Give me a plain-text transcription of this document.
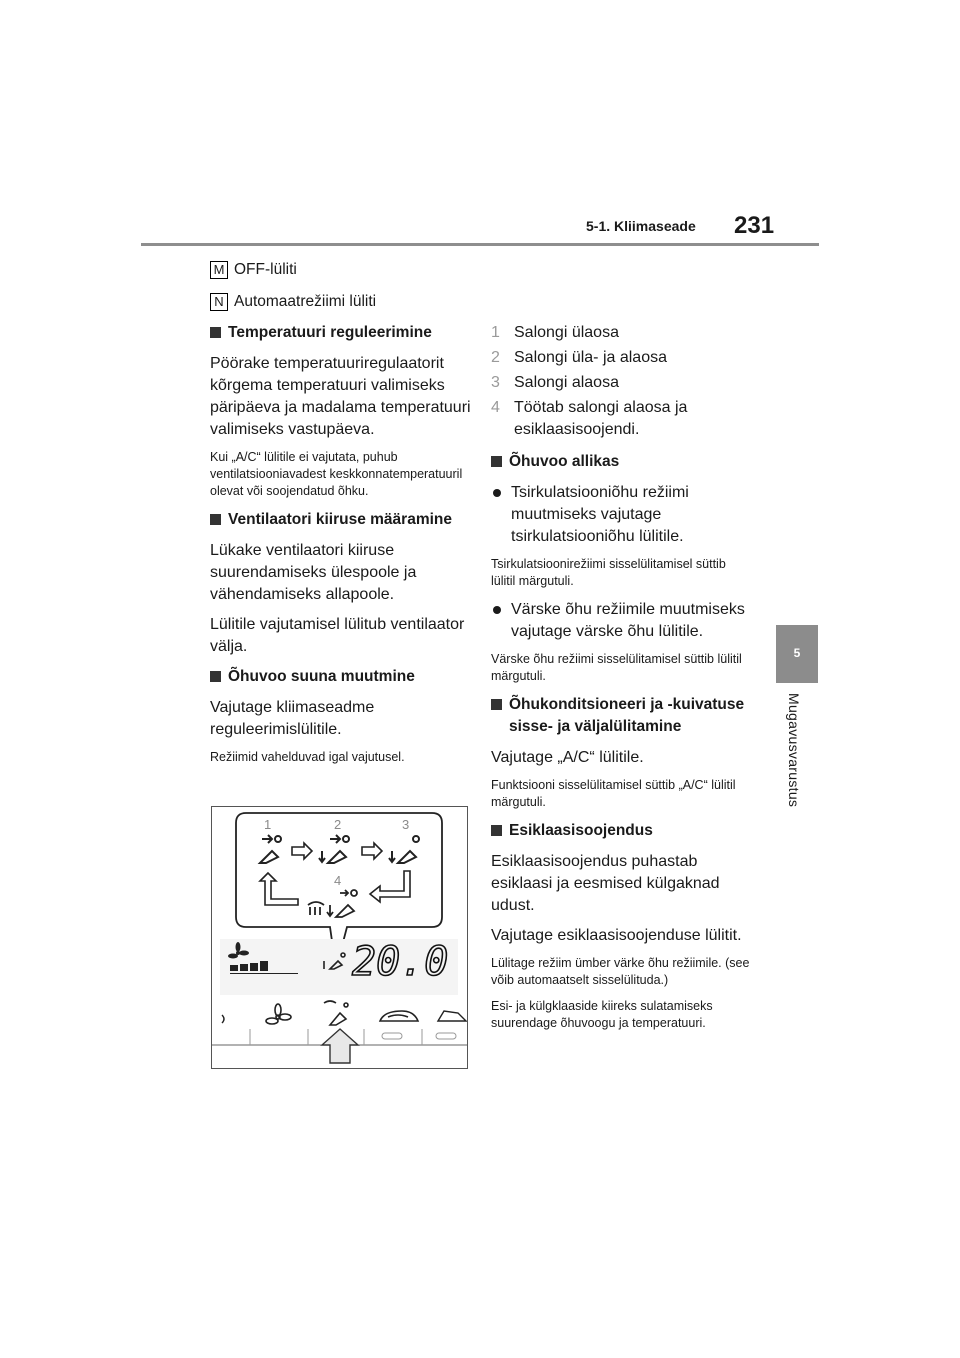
5-1. Kliimaseade 231
5
Mugavusvarustus
M OFF-lüliti
N Automaatrežiimi lüliti
Temperatuuri reguleerimine

Pöörake temperatuuriregulaatorit kõrgema temperatuuri valimiseks päripäeva ja madalama temperatuuri valimiseks vastupäeva.

Kui „A/C“ lülitile ei vajutata, puhub ventilatsiooniavadest keskkonnatemperatuuril olevat või soojendatud õhku.

Ventilaatori kiiruse määramine

Lükake ventilaatori kiiruse suurendamiseks ülespoole ja vähendamiseks allapoole.

Lülitile vajutamisel lülitub ventilaator välja.

Õhuvoo suuna muutmine

Vajutage kliimaseadme reguleerimislülitile.

Režiimid vahelduvad igal vajutusel.

1	2	3
4
20.0
1 Salongi ülaosa
2 Salongi üla- ja alaosa
3 Salongi alaosa
4 Töötab salongi alaosa ja esiklaasisoojendi.
Õhuvoo allikas
Tsirkulatsiooniõhu režiimi muutmiseks vajutage tsirkulatsiooniõhu lülitile.

Tsirkulatsioonirežiimi sisselülitamisel süttib lülitil märgutuli.

Värske õhu režiimile muutmiseks vajutage värske õhu lülitile.

Värske õhu režiimi sisselülitamisel süttib lülitil märgutuli.

Õhukonditsioneeri ja -kuivatuse sisse- ja väljalülitamine

Vajutage „A/C“ lülitile.

Funktsiooni sisselülitamisel süttib „A/C“ lülitil märgutuli.

Esiklaasisoojendus

Esiklaasisoojendus puhastab esiklaasi ja eesmised külgaknad udust.

Vajutage esiklaasisoojenduse lülitit.

Lülitage režiim ümber värke õhu režiimile. (see võib automaatselt sisselülituda.)

Esi- ja külgklaaside kiireks sulatamiseks suurendage õhuvoogu ja temperatuuri.
